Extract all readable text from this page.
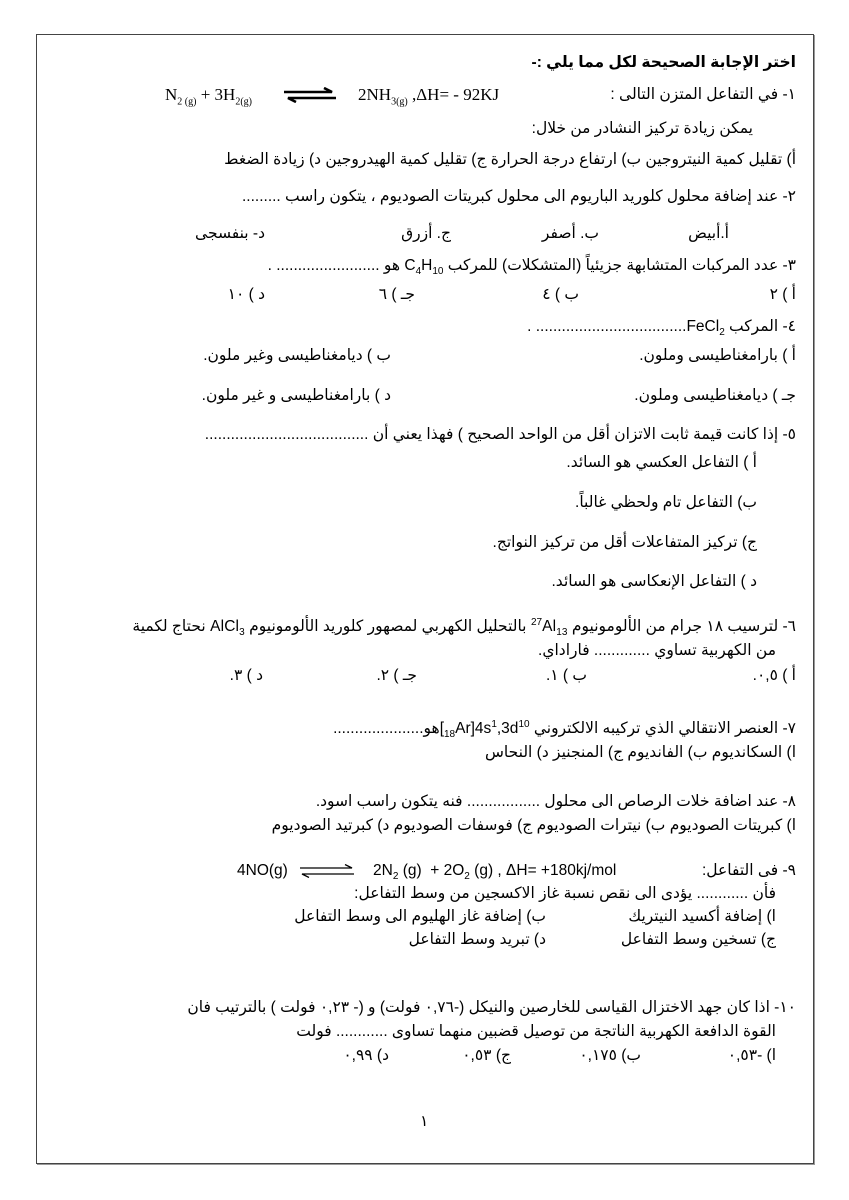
اختر الإجابة الصحيحة لكل مما يلي :-
١- في التفاعل المتزن التالى :
$N_{2 (g)} + 3H_{2(g)}$ ⇌ $2NH_{3(g)}$ ,ΔH= - 92KJ
يمكن زيادة تركيز النشادر من خلال:
أ) تقليل كمية النيتروجين ب) ارتفاع درجة الحرارة ج) تقليل كمية الهيدروجين د) زيادة الضغط
٢- عند إضافة محلول كلوريد الباريوم الى محلول كبريتات الصوديوم ، يتكون راسب .........
أ.أبيض
ب. أصفر
ج. أزرق
د- بنفسجى
٣- عدد المركبات المتشابهة جزيئياً (المتشكلات) للمركب $C_4H_{10}$ هو ........................ .
أ ) ٢
ب ) ٤
جـ ) ٦
د ) ١٠
٤- المركب FeCl$_2$................................... .
أ ) بارامغناطيسى وملون.
ب ) ديامغناطيسى وغير ملون.
جـ ) ديامغناطيسى وملون.
د ) بارامغناطيسى و غير ملون.
٥- إذا كانت قيمة ثابت الاتزان أقل من الواحد الصحيح ) فهذا يعني أن ......................................
أ ) التفاعل العكسي هو السائد.
ب) التفاعل تام ولحظي غالباً.
ج) تركيز المتفاعلات أقل من تركيز النواتج.
د ) التفاعل الإنعكاسى هو السائد.
٦- لترسيب ١٨ جرام من الألومونيوم $^{27}Al_{13}$ بالتحليل الكهربي لمصهور كلوريد الألومونيوم AlCl$_3$ نحتاج لكمية
من الكهربية تساوي ............. فاراداي.
أ ) ٠,٥.
ب ) ١.
جـ ) ٢.
د ) ٣.
٧- العنصر الانتقالي الذي تركيبه الالكتروني $[_{18}Ar]4s^1,3d^{10}هو$.....................
ا) السكانديوم ب) الفانديوم ج) المنجنيز د) النحاس
٨- عند اضافة خلات الرصاص الى محلول ................. فنه يتكون راسب اسود.
ا) كبريتات الصوديوم ب) نيترات الصوديوم ج) فوسفات الصوديوم د) كبرتيد الصوديوم
٩- فى التفاعل:
4NO(g) ⇌ $2N_2$ $(g) + 2O_2$ (g) , ΔH= +180kj/mol
فأن ............ يؤدى الى نقص نسبة غاز الاكسجين من وسط التفاعل:
ا) إضافة أكسيد النيتريك
ب) إضافة غاز الهليوم الى وسط التفاعل
ج) تسخين وسط التفاعل
د) تبريد وسط التفاعل
١٠- اذا كان جهد الاختزال القياسى للخارصين والنيكل (-٠,٧٦ فولت) و (- ٠,٢٣ فولت ) بالترتيب فان
القوة الدافعة الكهربية الناتجة من توصيل قضبين منهما تساوى ............ فولت
ا) -٠,٥٣
ب) ٠,١٧٥
ج) ٠,٥٣
د) ٠,٩٩
١
